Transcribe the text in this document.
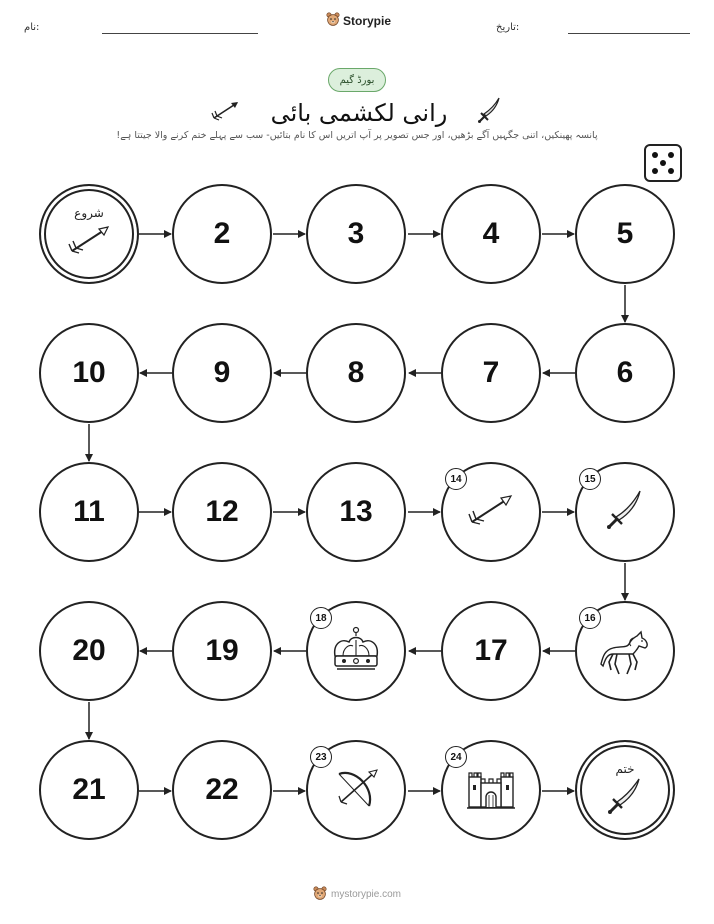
نام:	Storypie	تاریخ:
بورڈ گیم
رانی لکشمی بائی
پانسہ پھینکیں، اتنی جگہیں آگے بڑھیں، اور جس تصویر پر آپ اتریں اس کا نام بتائیں- سب سے پہلے ختم کرنے والا جیتتا ہے!
شروع
2	3	4	5
10	9	8	7	6
11	12	13
14	15
20	19
18
17
16
21	22
23	24
ختم
mystorypie.com
